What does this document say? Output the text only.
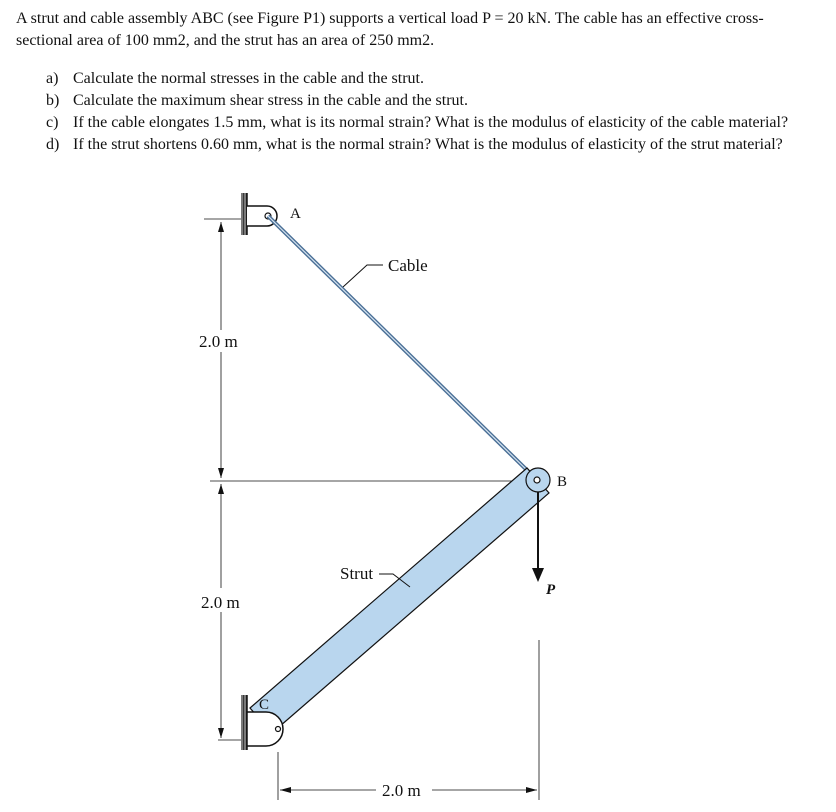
A strut and cable assembly ABC (see Figure P1) supports a vertical load P = 20 kN. The cable has an effective cross-sectional area of 100 mm2, and the strut has an area of 250 mm2.

a) Calculate the normal stresses in the cable and the strut.
b) Calculate the maximum shear stress in the cable and the strut.
c) If the cable elongates 1.5 mm, what is its normal strain? What is the modulus of elasticity of the cable material?
d) If the strut shortens 0.60 mm, what is the normal strain? What is the modulus of elasticity of the strut material?
2.0 m
2.0 m
2.0 m
P
A
B
C
Cable
Strut
